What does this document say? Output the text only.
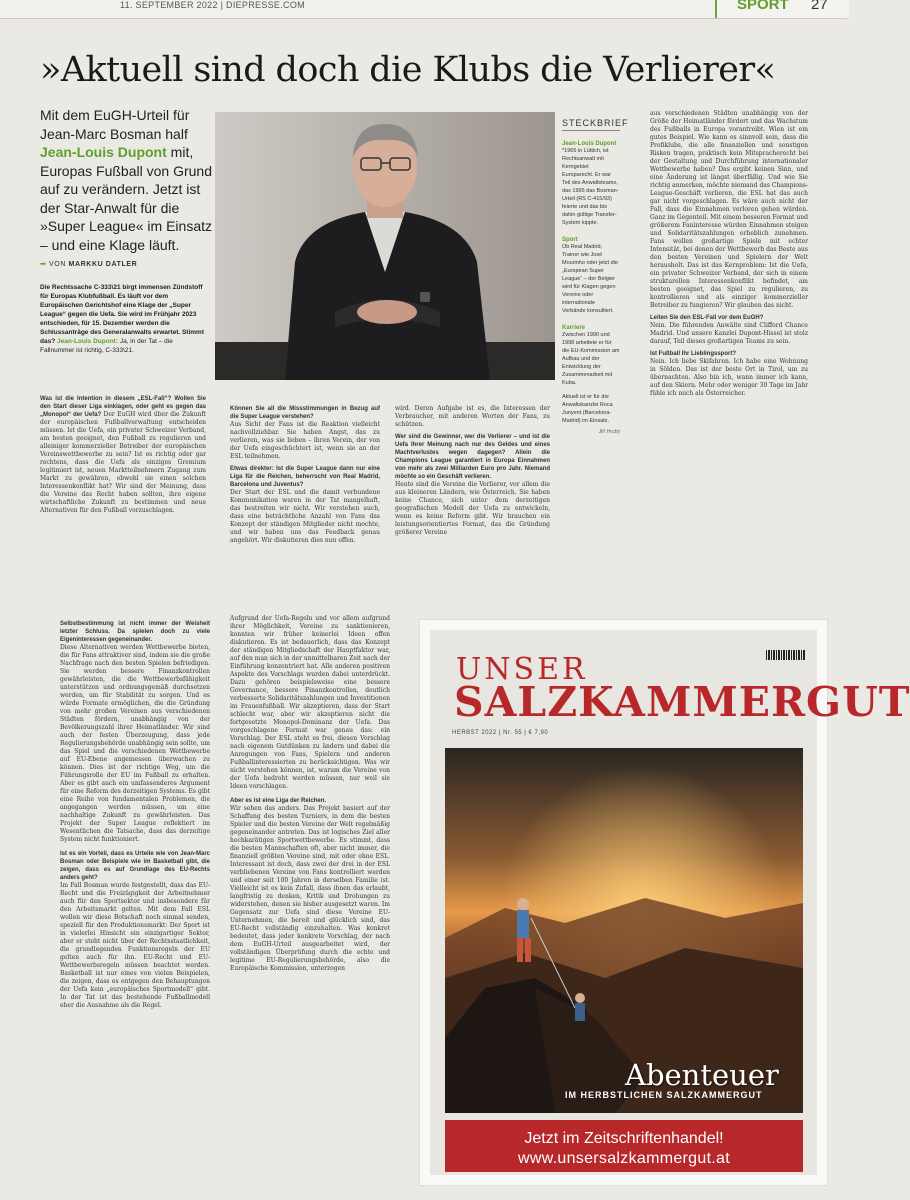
11. SEPTEMBER 2022 | DIEPRESSE.COM	SPORT 27
»Aktuell sind doch die Klubs die Verlierer«
Mit dem EuGH-Urteil für Jean-Marc Bosman half Jean-Louis Dupont mit, Europas Fußball von Grund auf zu verändern. Jetzt ist der Star-Anwalt für die »Super League« im Einsatz – und eine Klage läuft.
➡ VON MARKKU DATLER
Die Rechtssache C-333\21 birgt immensen Zündstoff für Europas Klubfußball. Es läuft vor dem Europäischen Gerichtshof eine Klage der „Super League“ gegen die Uefa. Sie wird im Frühjahr 2023 entschieden, für 15. Dezember werden die Schlussanträge des Generalanwalts erwartet. Stimmt das? Jean-Louis Dupont: Ja, in der Tat – die Fallnummer ist richtig, C-333\21.
STECKBRIEF
Jean-Louis Dupont
*1965 in Lüttich, ist Rechtsanwalt mit Kerngebiet Europarecht. Er war Teil des Anwaltsteams, das 1995 das Bosman-Urteil (RS C-415/93) feierte und das bis dahin gültige Transfer-System kippte.
Sport
Ob Real Madrid, Trainer wie José Mourinho oder jetzt die „European Super League“ – der Belgier wird für Klagen gegen Vereine oder internationale Verbände konsultiert.
Karriere
Zwischen 1990 und 1998 arbeitete er für die EU-Kommission am Aufbau und der Entwicklung der Zusammenarbeit mit Kuba.
Aktuell ist er für die Anwaltskanzlei Roca Junyent (Barcelona-Madrid) im Einsatz.
Jiří Hrubý
Was ist die Intention in diesem „ESL-Fall“? Wollen Sie den Start dieser Liga einklagen, oder geht es gegen das „Monopol“ der Uefa? Der EuGH wird über die Zukunft der europäischen Fußballverwaltung entscheiden müssen. Ist die Uefa, ein privater Schweizer Verband, am besten geeignet, den Fußball zu regulieren und alleiniger kommerzieller Betreiber der europäischen Vereinswettbewerbe zu sein? Ist es richtig oder gar rechtens, dass die Uefa als einziges Gremium legitimiert ist, neuen Marktteilnehmern Zugang zum Markt zu gewähren, obwohl sie einen solchen Interessenkonflikt hat? Wir sind der Meinung, dass die Vereine das Recht haben sollten, ihre eigene wirtschaftliche Zukunft zu bestimmen und neue Alternativen für den Fußball vorzuschlagen.
Können Sie all die Missstimmungen in Bezug auf die Super League verstehen?
Aus Sicht der Fans ist die Reaktion vielleicht nachvollziehbar. Sie haben Angst, das zu verlieren, was sie lieben – ihren Verein, der von der Uefa eingeschüchtert ist, wenn sie an der ESL teilnehmen.
Etwas direkter: Ist die Super League dann nur eine Liga für die Reichen, beherrscht von Real Madrid, Barcelona und Juventus?
Der Start der ESL und die damit verbundene Kommunikation waren in der Tat mangelhaft, das bestreiten wir nicht. Wir verstehen auch, dass eine beträchtliche Anzahl von Fans das Konzept der ständigen Mitglieder nicht mochte, und wir haben uns das Feedback genau angehört. Wir diskutieren dies nun offen.
wird. Deren Aufgabe ist es, die Interessen der Verbraucher, mit anderen Worten der Fans, zu schützen.
Wer sind die Gewinner, wer die Verlierer – und ist die Uefa Ihrer Meinung nach nur des Geldes und eines Machtverlustes wegen dagegen? Allein die Champions League garantiert in Europa Einnahmen von mehr als zwei Milliarden Euro pro Jahr. Niemand möchte so ein Geschäft verlieren.
Heute sind die Vereine die Verlierer, vor allem die aus kleineren Ländern, wie Österreich. Sie haben keine Chance, sich unter dem derzeitigen geografischen Modell der Uefa zu entwickeln, wenn es keine Reform gibt. Wir brauchen ein leistungsorientiertes Format, das die Gründung größerer Vereine
aus verschiedenen Städten unabhängig von der Größe der Heimatländer fördert und das Wachstum des Fußballs in Europa vorantreibt. Wien ist ein gutes Beispiel. Wie kann es sinnvoll sein, dass die Profiklubs, die alle finanziellen und sonstigen Risken tragen, praktisch kein Mitspracherecht bei der Gestaltung und Durchführung internationaler Wettbewerbe haben? Das ergibt keinen Sinn, und eine Änderung ist längst überfällig. Und wie Sie richtig anmerken, möchte niemand das Champions-League-Geschäft verlieren, die ESL hat das auch gar nicht vorgeschlagen. Es wäre auch nicht der Fall, dass die Einnahmen verloren gehen würden. Ganz im Gegenteil. Mit einem besseren Format und größerem Faninteresse würden Einnahmen steigen und Solidaritätszahlungen erheblich zunehmen. Fans wollen großartige Spiele mit echter Intensität, bei denen der Wettbewerb das Beste aus den besten Vereinen und Spielern der Welt herausholt. Das ist das Kernproblem: Ist die Uefa, ein privater Schweizer Verband, der sich in einem strukturellen Interessenkonflikt befindet, am besten geeignet, das Spiel zu regulieren, zu kontrollieren und als einziger kommerzieller Betreiber zu fungieren? Wir glauben das nicht.
Leiten Sie den ESL-Fall vor dem EuGH?
Nein. Die führenden Anwälte sind Clifford Chance Madrid. Und unsere Kanzlei Dupont-Hissel ist stolz darauf, Teil dieses großartigen Teams zu sein.
Ist Fußball Ihr Lieblingssport?
Nein. Ich liebe Skifahren. Ich habe eine Wohnung in Sölden. Das ist der beste Ort in Tirol, um zu übernachten. Also bin ich, wann immer ich kann, auf den Skiern. Mehr oder weniger 30 Tage im Jahr fühle ich mich als Österreicher.
Selbstbestimmung ist nicht immer der Weisheit letzter Schluss. Da spielen doch zu viele Eigeninteressen gegeneinander.
Diese Alternativen werden Wettbewerbe bieten, die für Fans attraktiver sind, indem sie die große Nachfrage nach den besten Spielen befriedigen. Sie werden bessere Finanzkontrollen gewährleisten, die die Wettbewerbsfähigkeit unterstützen und ordnungsgemäß durchsetzen werden, um für Stabilität zu sorgen. Und es würde Formate ermöglichen, die die Gründung von mehr großen Vereinen aus verschiedenen Städten fördern, unabhängig von der Bevölkerungszahl ihrer Heimatländer. Wir sind auch der festen Überzeugung, dass jede Regulierungsbehörde unabhängig sein sollte, um das Spiel und die verschiedenen Wettbewerbe auf EU-Ebene angemessen überwachen zu können. Dies ist der richtige Weg, um die Führungsrolle der EU im Fußball zu erhalten. Aber es gibt auch ein umfassenderes Argument für eine Reform des derzeitigen Systems. Es gibt eine Reihe von fundamentalen Problemen, die angegangen werden müssen, um eine nachhaltige Zukunft zu gewährleisten. Das Projekt der Super League reflektiert im Wesentlichen die Tatsache, dass das derzeitige System nicht funktioniert.
Ist es ein Vorteil, dass es Urteile wie von Jean-Marc Bosman oder Beispiele wie im Basketball gibt, die zeigen, dass es auf Grundlage des EU-Rechts anders geht?
Im Fall Bosman wurde festgestellt, dass das EU-Recht und die Freizügigkeit der Arbeitnehmer auch für den Sportsektor und insbesondere für den Arbeitsmarkt gelten. Mit dem Fall ESL wollen wir diese Botschaft noch einmal senden, speziell für den Produktionsmarkt: Der Sport ist in vielerlei Hinsicht ein einzigartiger Sektor, aber er steht nicht über der Rechtsstaatlichkeit, die grundlegenden Funktionsregeln der EU gelten auch für ihn. EU-Recht und EU-Wettbewerbsregeln müssen beachtet werden. Basketball ist nur eines von vielen Beispielen, die zeigen, dass es entgegen den Behauptungen der Uefa kein „europäisches Sportmodell“ gibt. In der Tat ist das bestehende Fußballmodell eher die Ausnahme als die Regel.
Aufgrund der Uefa-Regeln und vor allem aufgrund ihrer Möglichkeit, Vereine zu sanktionieren, konnten wir früher keinerlei Ideen offen diskutieren. Es ist bedauerlich, dass das Konzept der ständigen Mitgliedschaft der Hauptfaktor war, auf den man sich in der unmittelbaren Zeit nach der Einführung konzentriert hat. Alle anderen positiven Aspekte des Vorschlags wurden dabei unterdrückt. Dazu gehören beispielsweise eine bessere Governance, bessere Finanzkontrollen, deutlich verbesserte Solidaritätszahlungen und Investitionen im Frauenfußball. Wir akzeptieren, dass der Start schlecht war, aber wir akzeptieren nicht die fortgesetzte Monopol-Dominanz der Uefa. Das vorgeschlagene Format war genau das: ein Vorschlag. Der ESL steht es frei, diesen Vorschlag nach eigenem Gutdünken zu ändern und dabei die Anregungen von Fans, Spielern und anderen Fußballinteressierten zu berücksichtigen. Was wir nicht verstehen können, ist, warum die Vereine von der Uefa bedroht werden müssen, nur weil sie Ideen vorschlagen.
Aber es ist eine Liga der Reichen.
Wir sehen das anders. Das Projekt basiert auf der Schaffung des besten Turniers, in dem die besten Spieler und die besten Vereine der Welt regelmäßig gegeneinander antreten. Das ist logisches Ziel aller hochkarätigen Sportwettbewerbe. Es stimmt, dass die besten Mannschaften oft, aber nicht immer, die finanziell größten Vereine sind, mit oder ohne ESL. Interessant ist doch, dass zwei der drei in der ESL verbliebenen Vereine von Fans kontrolliert werden und einer seit 100 Jahren in derselben Familie ist. Vielleicht ist es kein Zufall, dass ihnen das erlaubt, langfristig zu denken, Kritik und Drohungen zu widerstehen, denen sie bisher ausgesetzt waren. Im Gegensatz zur Uefa sind diese Vereine EU-Unternehmen, die bereit und glücklich sind, das EU-Recht vollständig einzuhalten. Was konkret bedeutet, dass jeder konkrete Vorschlag, der nach dem EuGH-Urteil ausgearbeitet wird, der vollständigen Überprüfung durch die echte und legitime EU-Regulierungsbehörde, also die Europäische Kommission, unterzogen
UNSER
SALZKAMMERGUT
HERBST 2022 | Nr. 55 | € 7,90
Abenteuer
IM HERBSTLICHEN SALZKAMMERGUT
Jetzt im Zeitschriftenhandel!
www.unsersalzkammergut.at
